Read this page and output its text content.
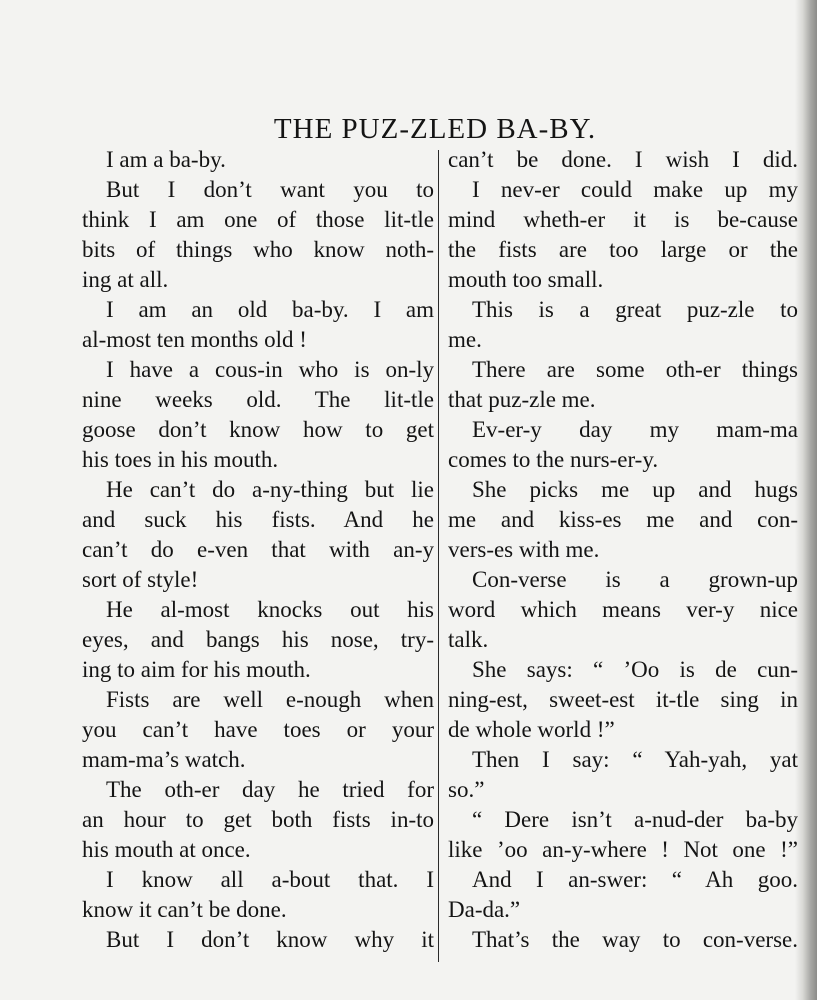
THE PUZ-ZLED BA-BY.
I am a ba-by.
But I don’t want you to
think I am one of those lit-tle
bits of things who know noth-
ing at all.
I am an old ba-by. I am
al-most ten months old !
I have a cous-in who is on-ly
nine weeks old. The lit-tle
goose don’t know how to get
his toes in his mouth.
He can’t do a-ny-thing but lie
and suck his fists. And he
can’t do e-ven that with an-y
sort of style!
He al-most knocks out his
eyes, and bangs his nose, try-
ing to aim for his mouth.
Fists are well e-nough when
you can’t have toes or your
mam-ma’s watch.
The oth-er day he tried for
an hour to get both fists in-to
his mouth at once.
I know all a-bout that. I
know it can’t be done.
But I don’t know why it
can’t be done. I wish I did.
I nev-er could make up my
mind wheth-er it is be-cause
the fists are too large or the
mouth too small.
This is a great puz-zle to
me.
There are some oth-er things
that puz-zle me.
Ev-er-y day my mam-ma
comes to the nurs-er-y.
She picks me up and hugs
me and kiss-es me and con-
vers-es with me.
Con-verse is a grown-up
word which means ver-y nice
talk.
She says: “ ’Oo is de cun-
ning-est, sweet-est it-tle sing in
de whole world !”
Then I say: “ Yah-yah, yat
so.”
“ Dere isn’t a-nud-der ba-by
like ’oo an-y-where ! Not one !”
And I an-swer: “ Ah goo.
Da-da.”
That’s the way to con-verse.
